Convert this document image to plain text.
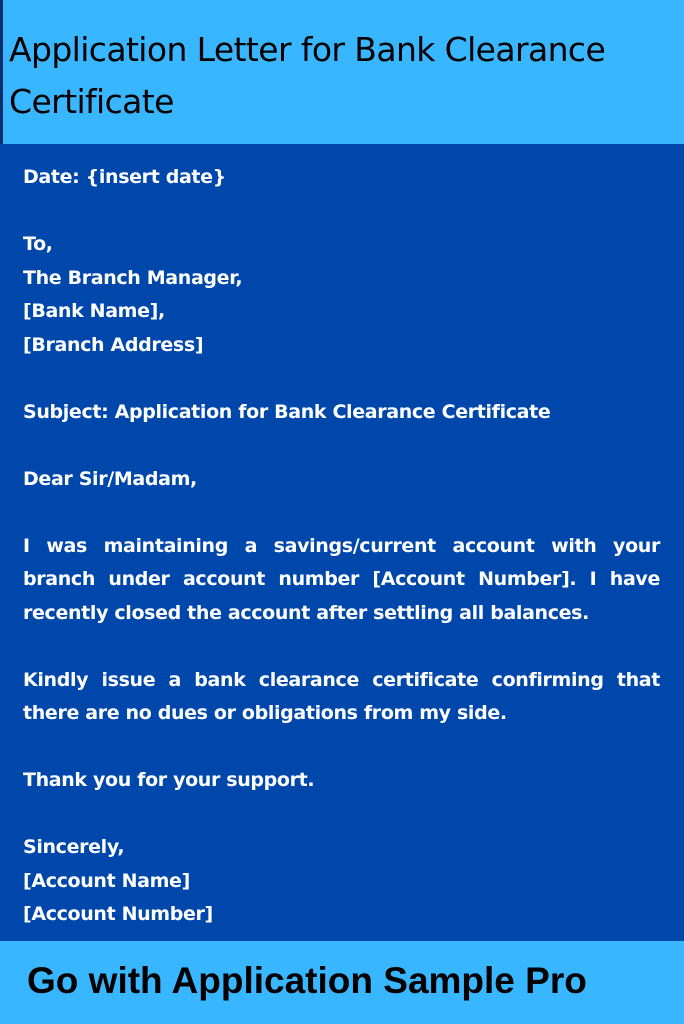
Application Letter for Bank Clearance Certificate

Date: {insert date}

To,

The Branch Manager,

[Bank Name],

[Branch Address]

Subject: Application for Bank Clearance Certificate

Dear Sir/Madam,

I was maintaining a savings/current account with your branch under account number [Account Number]. I have recently closed the account after settling all balances.

Kindly issue a bank clearance certificate confirming that there are no dues or obligations from my side.

Thank you for your support.

Sincerely,

[Account Name]

[Account Number]

Go with Application Sample Pro
